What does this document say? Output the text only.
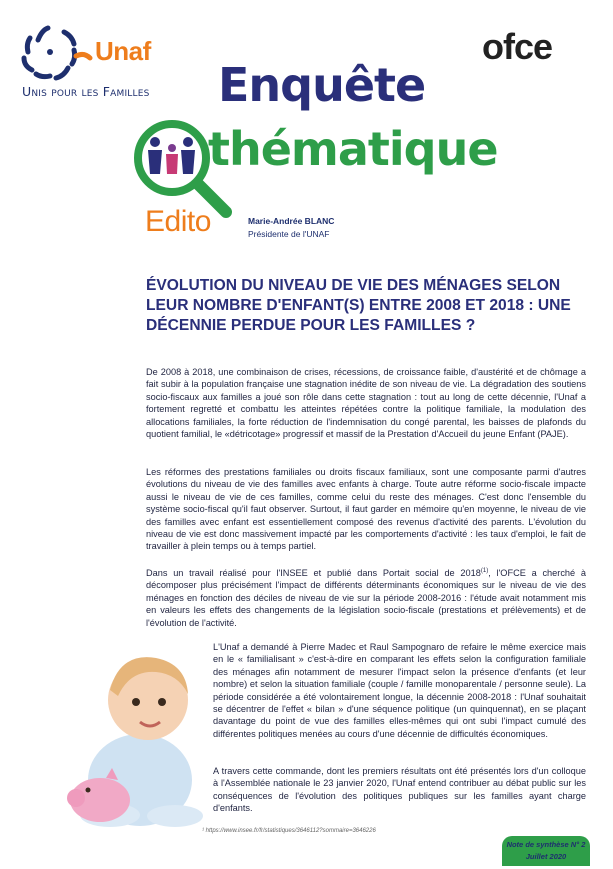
Unaf
Unis pour les Familles
ofce
Enquête
thématique
Edito	Marie-Andrée BLANC
Présidente de l'UNAF
ÉVOLUTION DU NIVEAU DE VIE DES MÉNAGES SELON LEUR NOMBRE D'ENFANT(S) ENTRE 2008 ET 2018 : UNE DÉCENNIE PERDUE POUR LES FAMILLES ?

De 2008 à 2018, une combinaison de crises, récessions, de croissance faible, d'austérité et de chômage a fait subir à la population française une stagnation inédite de son niveau de vie. La dégradation des soutiens socio-fiscaux aux familles a joué son rôle dans cette stagnation : tout au long de cette décennie, l'Unaf a fortement regretté et combattu les atteintes répétées contre la politique familiale, la modulation des allocations familiales, la forte réduction de l'indemnisation du congé parental, les baisses de plafonds du quotient familial, le «détricotage» progressif et massif de la Prestation d'Accueil du jeune Enfant (PAJE).

Les réformes des prestations familiales ou droits fiscaux familiaux, sont une composante parmi d'autres évolutions du niveau de vie des familles avec enfants à charge. Toute autre réforme socio-fiscale impacte aussi le niveau de vie de ces familles, comme celui du reste des ménages. C'est donc l'ensemble du système socio-fiscal qu'il faut observer. Surtout, il faut garder en mémoire qu'en moyenne, le niveau de vie des familles avec enfant est essentiellement composé des revenus d'activité des parents. L'évolution du niveau de vie est donc massivement impacté par les comportements d'activité : les taux d'emploi, le fait de travailler à plein temps ou à temps partiel.

Dans un travail réalisé pour l'INSEE et publié dans Portait social de 2018$^{(1)}$, l'OFCE a cherché à décomposer plus précisément l'impact de différents déterminants économiques sur le niveau de vie des ménages en fonction des déciles de niveau de vie sur la période 2008-2016 : l'étude avait notamment mis en valeurs les effets des changements de la législation socio-fiscale (prestations et prélèvements) et de l'évolution de l'activité.

L'Unaf a demandé à Pierre Madec et Raul Sampognaro de refaire le même exercice mais en le « familialisant » c'est-à-dire en comparant les effets selon la configuration familiale des ménages afin notamment de mesurer l'impact selon la présence d'enfants (et leur nombre) et selon la situation familiale (couple / famille monoparentale / personne seule). La période considérée a été volontairement longue, la décennie 2008-2018 : l'Unaf souhaitait se décentrer de l'effet « bilan » d'une séquence politique (un quinquennat), en se plaçant davantage du point de vue des familles elles-mêmes qui ont subi l'impact cumulé des différentes politiques menées au cours d'une décennie de difficultés économiques.

A travers cette commande, dont les premiers résultats ont été présentés lors d'un colloque à l'Assemblée nationale le 23 janvier 2020, l'Unaf entend contribuer au débat public sur les conséquences de l'évolution des politiques publiques sur les familles ayant charge d'enfants.

¹ https://www.insee.fr/fr/statistiques/3646112?sommaire=3646226
Note de synthèse N° 2
Juillet 2020
